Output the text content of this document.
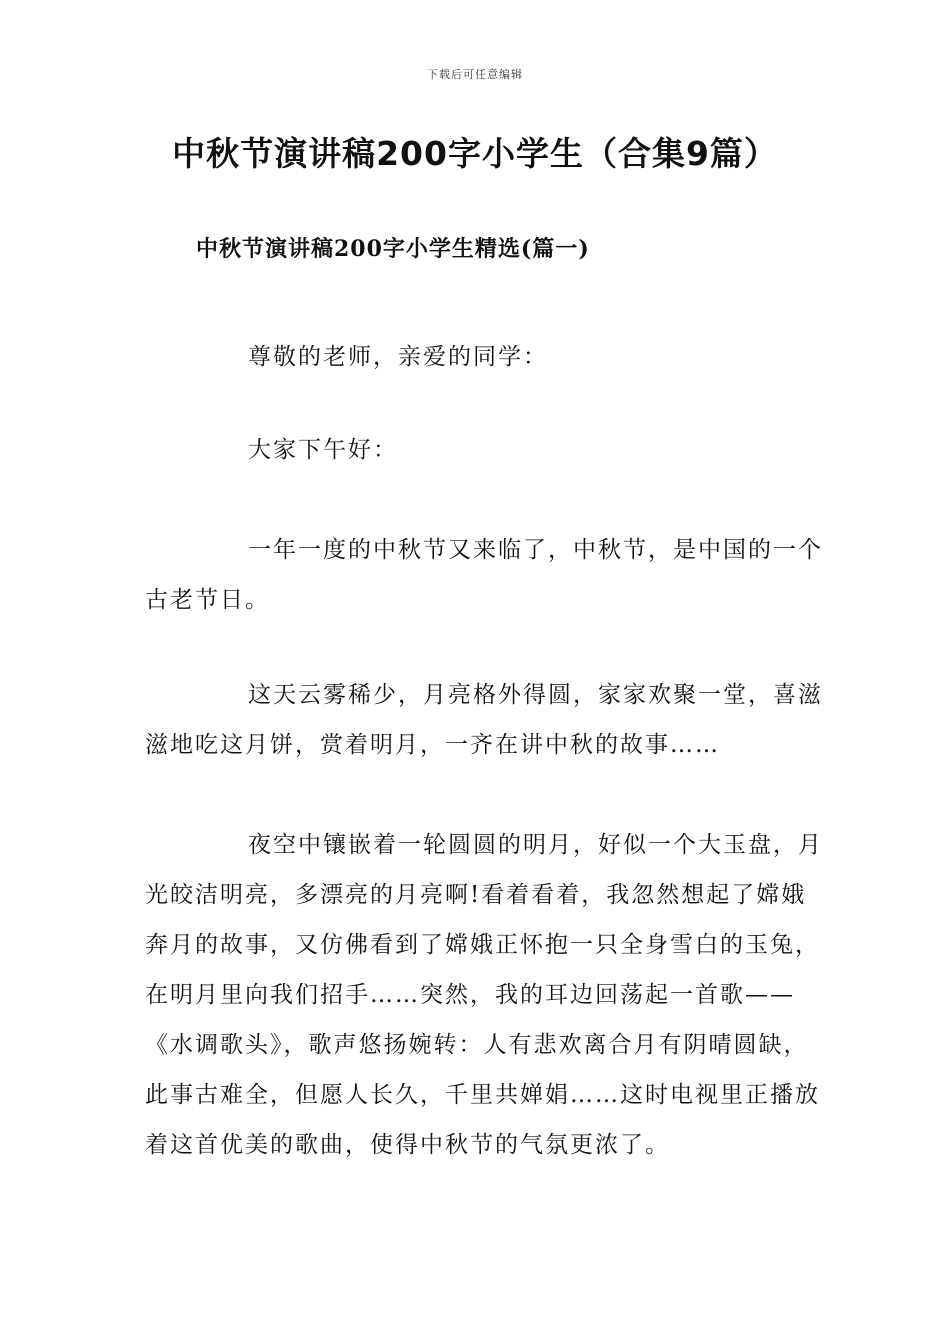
下载后可任意编辑
中秋节演讲稿200字小学生（合集9篇）
中秋节演讲稿200字小学生精选(篇一)

尊敬的老师，亲爱的同学：

大家下午好：

一年一度的中秋节又来临了，中秋节，是中国的一个古老节日。

这天云雾稀少，月亮格外得圆，家家欢聚一堂，喜滋滋地吃这月饼，赏着明月，一齐在讲中秋的故事……

夜空中镶嵌着一轮圆圆的明月，好似一个大玉盘，月光皎洁明亮，多漂亮的月亮啊!看着看着，我忽然想起了嫦娥奔月的故事，又仿佛看到了嫦娥正怀抱一只全身雪白的玉兔，在明月里向我们招手……突然，我的耳边回荡起一首歌——《水调歌头》，歌声悠扬婉转：人有悲欢离合月有阴晴圆缺，此事古难全，但愿人长久，千里共婵娟……这时电视里正播放着这首优美的歌曲，使得中秋节的气氛更浓了。
